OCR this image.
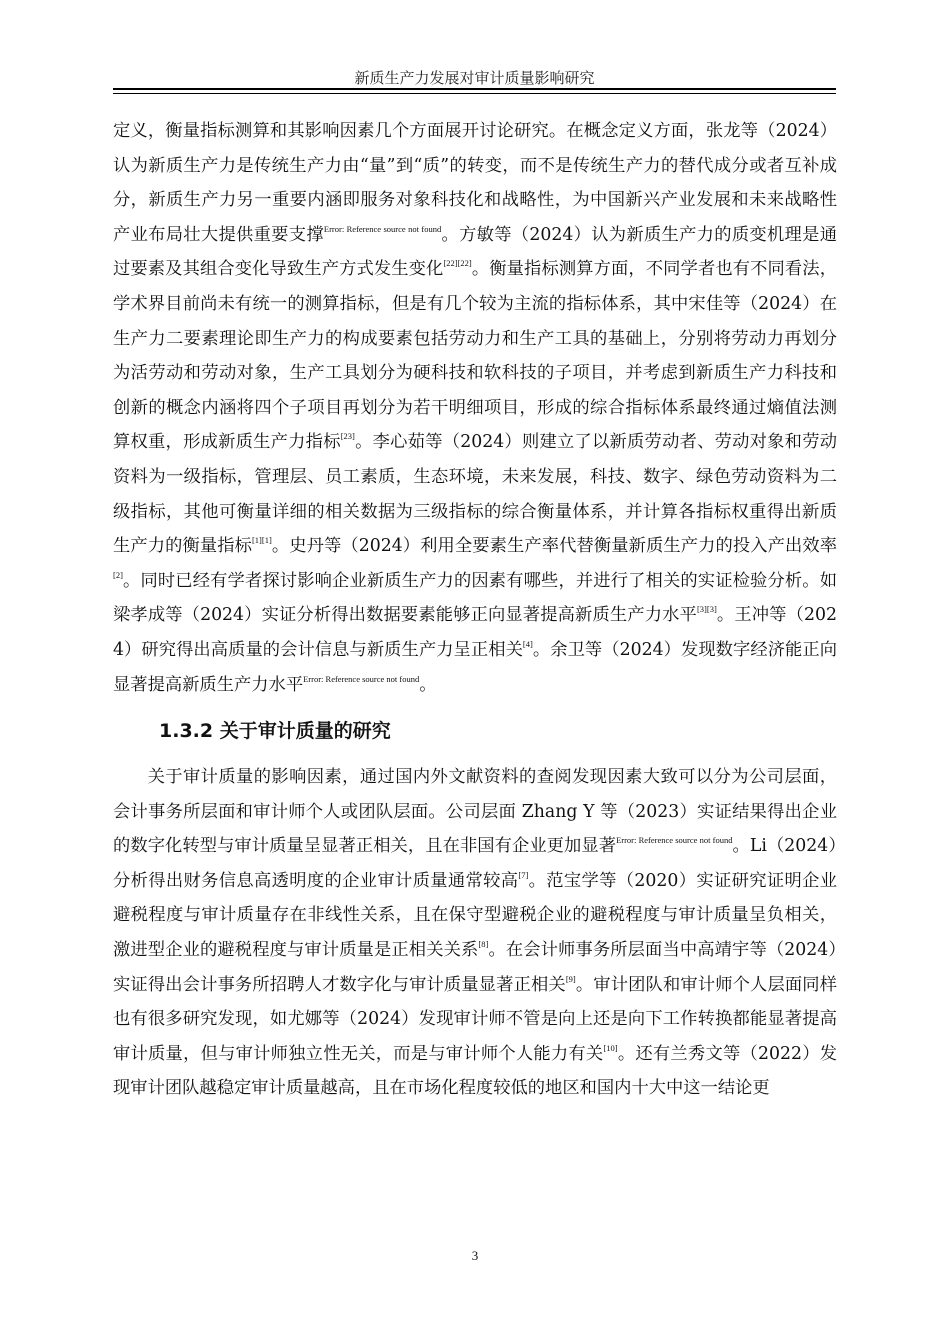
新质生产力发展对审计质量影响研究

定义，衡量指标测算和其影响因素几个方面展开讨论研究。在概念定义方面，张龙等（2024）认为新质生产力是传统生产力由“量”到“质”的转变，而不是传统生产力的替代成分或者互补成分，新质生产力另一重要内涵即服务对象科技化和战略性，为中国新兴产业发展和未来战略性产业布局壮大提供重要支撑$^{Error: Reference source not found}$。方敏等（2024）认为新质生产力的质变机理是通过要素及其组合变化导致生产方式发生变化[22][22]。衡量指标测算方面，不同学者也有不同看法，学术界目前尚未有统一的测算指标，但是有几个较为主流的指标体系，其中宋佳等（2024）在生产力二要素理论即生产力的构成要素包括劳动力和生产工具的基础上，分别将劳动力再划分为活劳动和劳动对象，生产工具划分为硬科技和软科技的子项目，并考虑到新质生产力科技和创新的概念内涵将四个子项目再划分为若干明细项目，形成的综合指标体系最终通过熵值法测算权重，形成新质生产力指标[23]。李心茹等（2024）则建立了以新质劳动者、劳动对象和劳动资料为一级指标，管理层、员工素质，生态环境，未来发展，科技、数字、绿色劳动资料为二级指标，其他可衡量详细的相关数据为三级指标的综合衡量体系，并计算各指标权重得出新质生产力的衡量指标[1][1]。史丹等（2024）利用全要素生产率代替衡量新质生产力的投入产出效率[2]。同时已经有学者探讨影响企业新质生产力的因素有哪些，并进行了相关的实证检验分析。如梁孝成等（2024）实证分析得出数据要素能够正向显著提高新质生产力水平[3][3]。王冲等（2024）研究得出高质量的会计信息与新质生产力呈正相关[4]。余卫等（2024）发现数字经济能正向显著提高新质生产力水平$^{Error: Reference source not found}$。

1.3.2 关于审计质量的研究

关于审计质量的影响因素，通过国内外文献资料的查阅发现因素大致可以分为公司层面，会计事务所层面和审计师个人或团队层面。公司层面 Zhang Y 等（2023）实证结果得出企业的数字化转型与审计质量呈显著正相关，且在非国有企业更加显著$^{Error: Reference source not found}$。Li（2024）分析得出财务信息高透明度的企业审计质量通常较高[7]。范宝学等（2020）实证研究证明企业避税程度与审计质量存在非线性关系，且在保守型避税企业的避税程度与审计质量呈负相关，激进型企业的避税程度与审计质量是正相关关系[8]。在会计师事务所层面当中高靖宇等（2024）实证得出会计事务所招聘人才数字化与审计质量显著正相关[9]。审计团队和审计师个人层面同样也有很多研究发现，如尤娜等（2024）发现审计师不管是向上还是向下工作转换都能显著提高审计质量，但与审计师独立性无关，而是与审计师个人能力有关[10]。还有兰秀文等（2022）发现审计团队越稳定审计质量越高，且在市场化程度较低的地区和国内十大中这一结论更

3
